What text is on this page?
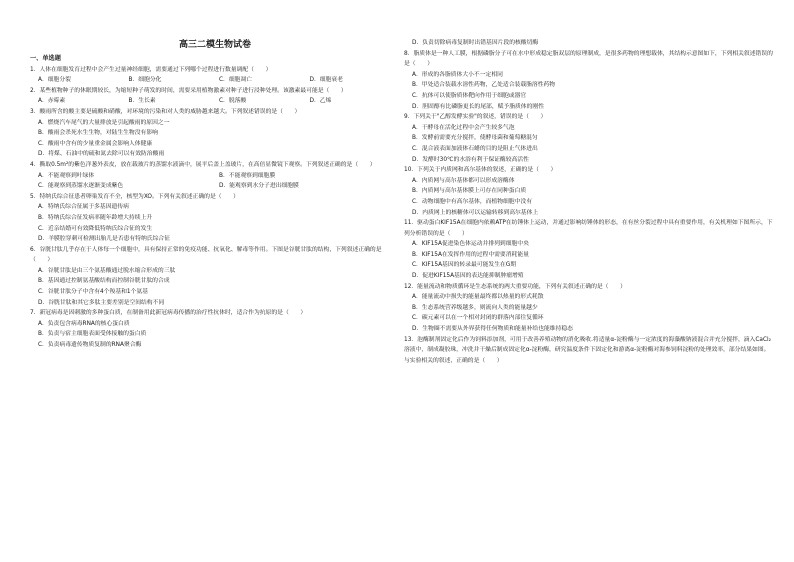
高三二模生物试卷
一、单选题
1．人体在细胞发育过程中会产生过量神经细胞，需要通过下列哪个过程进行数量调配（　　）
A．细胞分裂	B．细胞分化	C．细胞凋亡	D．细胞衰老
2．某些植物种子的休眠期较长，为缩短种子萌发的时间，需要采用植物激素对种子进行浸种处理。该激素最可能是（　　）
A．赤霉素	B．生长素	C．脱落酸	D．乙烯
3．酸雨所含的酸主要是硫酸和硝酸，对环境的污染和对人类的威胁越来越大。下列叙述错误的是（　　）
A．燃烧汽车尾气的大量排放是引起酸雨的原因之一
B．酸雨会杀死水生生物，对陆生生物没有影响
C．酸雨中含有的少量重金属会影响人体健康
D．将煤、石油中的硫和氮去除可以有效防治酸雨
4．撕取0.5m²的紫色洋葱外表皮，放在载玻片的蒸馏水液滴中，展平后盖上盖玻片，在高倍显微镜下观察。下列叙述正确的是（　　）
A．不能观察到叶绿体	B．不能观察到细胞膜
C．能观察到蒸馏水逐渐变成紫色	D．能观察到水分子进出细胞膜
5．特纳氏综合征患者卵巢发育不全，核型为XO。下列有关叙述正确的是（　　）
A．特纳氏综合征属于多基因遗传病
B．特纳氏综合征发病率随年龄增大持续上升
C．近亲结婚可有效降低特纳氏综合征的发生
D．羊膜腔穿刺可检测出胎儿是否患有特纳氏综合征
6．谷胱甘肽几乎存在于人体每一个细胞中，具有保持正常的免疫功能、抗氧化、解毒等作用。下图是谷胱甘肽的结构，下列叙述正确的是（　　）
A．谷胱甘肽是由三个氨基酸通过脱水缩合形成的三肽
B．基因通过控制氨基酸结构而控制谷胱甘肽的合成
C．谷胱甘肽分子中含有4个羧基和1个氨基
D．谷胱甘肽和其它多肽主要差别是空间结构不同
7．新冠病毒是因刺激的多种蛋白质，在制备用此新冠病毒传播的治疗性抗体时，适合作为抗原的是（　　）
A．负责包含病毒RNA的核心蛋白质
B．负责与宿主细胞表面受体接触的蛋白质
C．负责病毒遗传物质复制的RNA聚合酶
D．负责切除病毒复制时出错基因片段的核酸切酶
8．脂质体是一种人工膜，根据磷脂分子可在水中形成稳定脂双层的原理制成，是很多药物的理想载体，其结构示意图如下，下列相关叙述错误的是（　　）
A．形成的各脂质体大小不一定相同
B．甲处适合装载水溶性药物，乙处适合装载脂溶性药物
C．抗体可以使脂质体靶向作用于细胞或器官
D．胆固醇有比磷脂更长的尾部，赋予脂质体的刚性
9．下列关于"乙醇发酵实验"的叙述，错误的是（　　）
A．干酵母在活化过程中会产生较多气泡
B．发酵前需要充分搅拌，使酵母菌和葡萄糖混匀
C．混合液表面加液体石蜡的目的是阻止气体进出
D．发酵时30℃的水浴有利于保证酶较高活性
10．下列关于内质网和高尔基体的叙述，正确的是（　　）
A．内质网与高尔基体都可以形成溶酶体
B．内质网与高尔基体膜上可存在同种蛋白质
C．动物细胞中有高尔基体，而植物细胞中没有
D．内质网上的核糖体可以运输转移到高尔基体上
11．驱动蛋白KIF15A在细胞内依赖ATP在纺锤体上运动，并通过影响纺锤体的形态，在有丝分裂过程中具有重要作用，有关机理如下图所示，下列分析错误的是（　　）
A．KIF15A促进染色体运动并排列到细胞中央
B．KIF15A在发挥作用的过程中需要消耗能量
C．KIF15A基因的转录最可能发生在G期
D．促进KIF15A基因的表达能抑制肿瘤增殖
12．能量流动和物质循环是生态系统的两大重要功能，下列有关叙述正确的是（　　）
A．能量流动中损失的能量最终都以热量的形式耗散
B．生态系统营养级越多，则流向人类的能量越少
C．碳元素可以在一个相对封闭的群落内部往复循环
D．生物圈不需要从外界获得任何物质和能量补给也能维持稳态
13．泡酶制剂固定化后作为饲料添加剂，可用于改善养殖动物的消化吸收.将适量α-淀粉酶与一定浓度的海藻酸钠液混合并充分搅拌，滴入CaCl₂溶液中，制成凝胶珠，冲洗并干燥后制成固定化α-淀粉酶，研究温度条件下固定化和游离α-淀粉酶对海参饲料淀粉的处理效率，部分结果如图。与实验相关的叙述，正确的是（　　）
